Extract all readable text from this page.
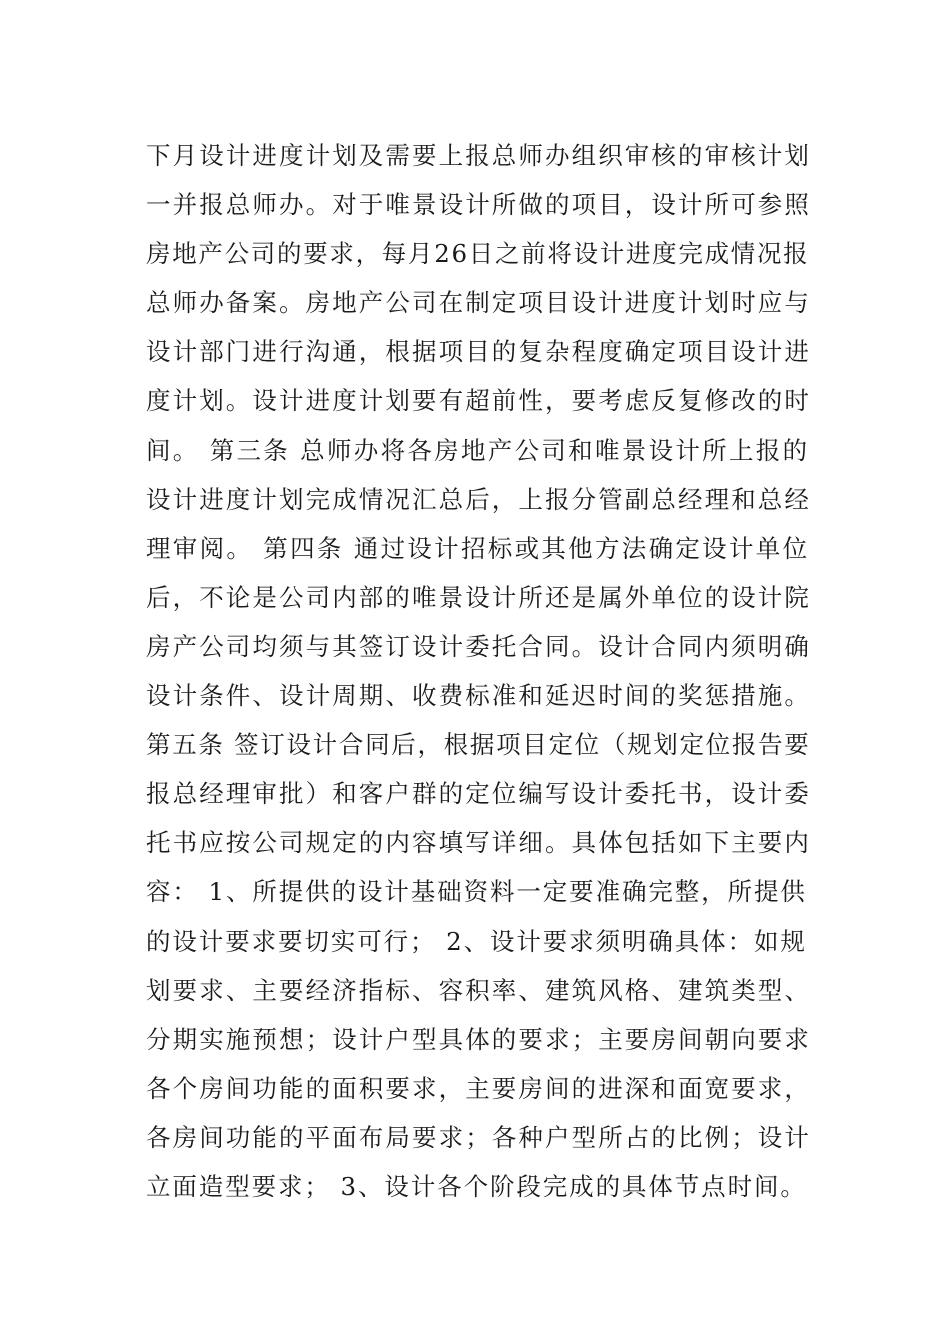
下月设计进度计划及需要上报总师办组织审核的审核计划
一并报总师办。对于唯景设计所做的项目，设计所可参照
房地产公司的要求，每月26日之前将设计进度完成情况报
总师办备案。房地产公司在制定项目设计进度计划时应与
设计部门进行沟通，根据项目的复杂程度确定项目设计进
度计划。设计进度计划要有超前性，要考虑反复修改的时
间。 第三条 总师办将各房地产公司和唯景设计所上报的
设计进度计划完成情况汇总后，上报分管副总经理和总经
理审阅。 第四条 通过设计招标或其他方法确定设计单位
后，不论是公司内部的唯景设计所还是属外单位的设计院
房产公司均须与其签订设计委托合同。设计合同内须明确
设计条件、设计周期、收费标准和延迟时间的奖惩措施。
第五条 签订设计合同后，根据项目定位（规划定位报告要
报总经理审批）和客户群的定位编写设计委托书，设计委
托书应按公司规定的内容填写详细。具体包括如下主要内
容： 1、所提供的设计基础资料一定要准确完整，所提供
的设计要求要切实可行； 2、设计要求须明确具体：如规
划要求、主要经济指标、容积率、建筑风格、建筑类型、
分期实施预想；设计户型具体的要求；主要房间朝向要求
各个房间功能的面积要求，主要房间的进深和面宽要求，
各房间功能的平面布局要求；各种户型所占的比例；设计
立面造型要求； 3、设计各个阶段完成的具体节点时间。
